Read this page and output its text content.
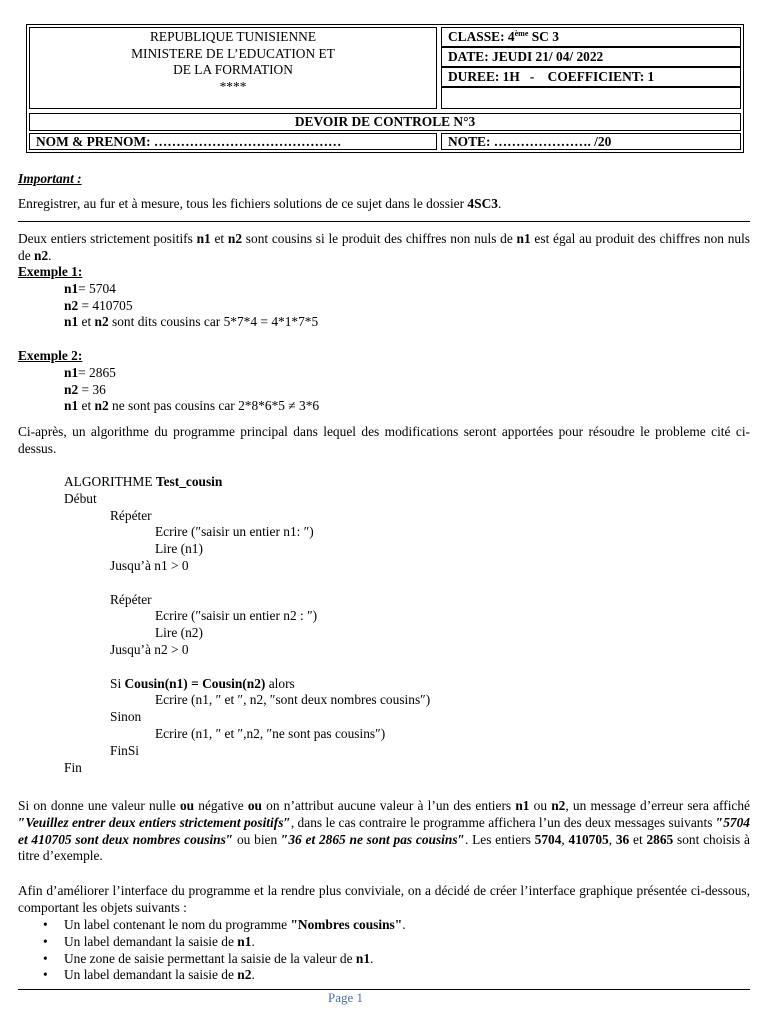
REPUBLIQUE TUNISIENNE
MINISTERE DE L’EDUCATION ET
DE LA FORMATION
****
CLASSE: 4ème SC 3
DATE: JEUDI 21/ 04/ 2022
DUREE: 1H   -    COEFFICIENT: 1
DEVOIR DE CONTROLE N°3
NOM & PRENOM: ……………………………………	NOTE: …………………. /20
Important :
Enregistrer, au fur et à mesure, tous les fichiers solutions de ce sujet dans le dossier 4SC3.
Deux entiers strictement positifs n1 et n2 sont cousins si le produit des chiffres non nuls de n1 est égal au produit des chiffres non nuls de n2.
Exemple 1:
n1= 5704
n2 = 410705
n1 et n2 sont dits cousins car 5*7*4 = 4*1*7*5
Exemple 2:
n1= 2865
n2 = 36
n1 et n2 ne sont pas cousins car 2*8*6*5 ≠ 3*6
Ci-après, un algorithme du programme principal dans lequel des modifications seront apportées pour résoudre le probleme cité ci-dessus.
ALGORITHME Test_cousin
Début
Répéter
Ecrire (″saisir un entier n1: ″)
Lire (n1)
Jusqu’à n1 > 0
Répéter
Ecrire (″saisir un entier n2 : ″)
Lire (n2)
Jusqu’à n2 > 0
Si Cousin(n1) = Cousin(n2) alors
Ecrire (n1, ″ et ″, n2, ″sont deux nombres cousins″)
Sinon
Ecrire (n1, ″ et ″,n2, ″ne sont pas cousins″)
FinSi
Fin
Si on donne une valeur nulle ou négative ou on n’attribut aucune valeur à l’un des entiers n1 ou n2, un message d’erreur sera affiché ″Veuillez entrer deux entiers strictement positifs″, dans le cas contraire le programme affichera l’un des deux messages suivants ″5704 et 410705 sont deux nombres cousins″ ou bien ″36 et 2865 ne sont pas cousins″. Les entiers 5704, 410705, 36 et 2865 sont choisis à titre d’exemple.
Afin d’améliorer l’interface du programme et la rendre plus conviviale, on a décidé de créer l’interface graphique présentée ci-dessous, comportant les objets suivants :
• Un label contenant le nom du programme "Nombres cousins".
• Un label demandant la saisie de n1.
• Une zone de saisie permettant la saisie de la valeur de n1.
• Un label demandant la saisie de n2.
Page 1
